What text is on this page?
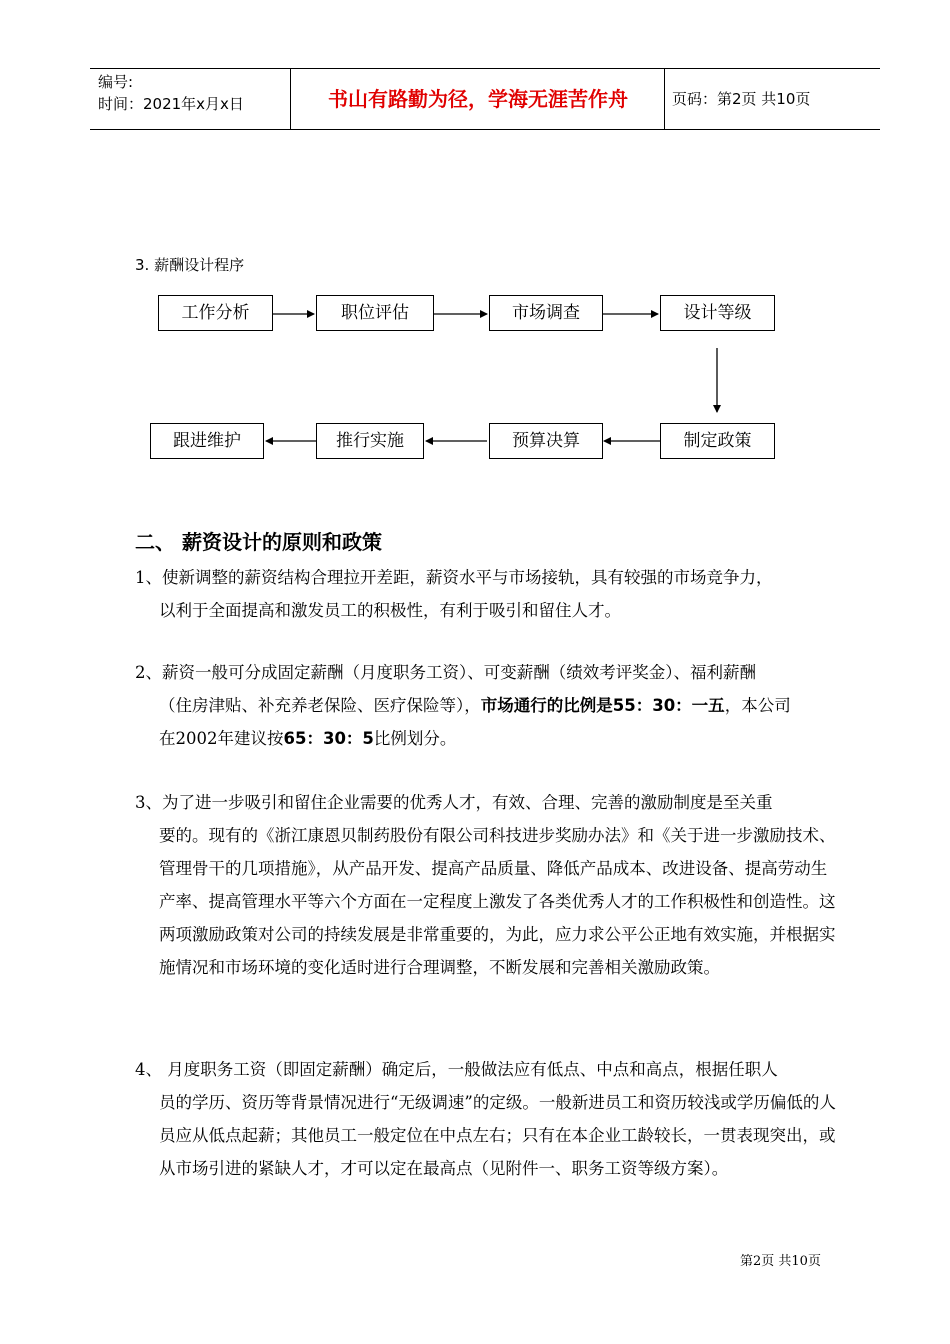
编号:
时间：2021年x月x日	书山有路勤为径，学海无涯苦作舟	页码：第2页 共10页
3. 薪酬设计程序
工作分析	职位评估	市场调查	设计等级
制定政策
预算决算
推行实施
跟进维护
二、 薪资设计的原则和政策
1、使新调整的薪资结构合理拉开差距，薪资水平与市场接轨，具有较强的市场竞争力，
以利于全面提高和激发员工的积极性，有利于吸引和留住人才。
2、薪资一般可分成固定薪酬（月度职务工资）、可变薪酬（绩效考评奖金）、福利薪酬
（住房津贴、补充养老保险、医疗保险等），市场通行的比例是55：30：一五，本公司
在2002年建议按65：30：5比例划分。
3、为了进一步吸引和留住企业需要的优秀人才，有效、合理、完善的激励制度是至关重
要的。现有的《浙江康恩贝制药股份有限公司科技进步奖励办法》和《关于进一步激励技术、管理骨干的几项措施》，从产品开发、提高产品质量、降低产品成本、改进设备、提高劳动生产率、提高管理水平等六个方面在一定程度上激发了各类优秀人才的工作积极性和创造性。这两项激励政策对公司的持续发展是非常重要的，为此，应力求公平公正地有效实施，并根据实施情况和市场环境的变化适时进行合理调整，不断发展和完善相关激励政策。
4、 月度职务工资（即固定薪酬）确定后，一般做法应有低点、中点和高点，根据任职人
员的学历、资历等背景情况进行“无级调速”的定级。一般新进员工和资历较浅或学历偏低的人员应从低点起薪；其他员工一般定位在中点左右；只有在本企业工龄较长，一贯表现突出，或从市场引进的紧缺人才，才可以定在最高点（见附件一、职务工资等级方案）。
第2页 共10页
